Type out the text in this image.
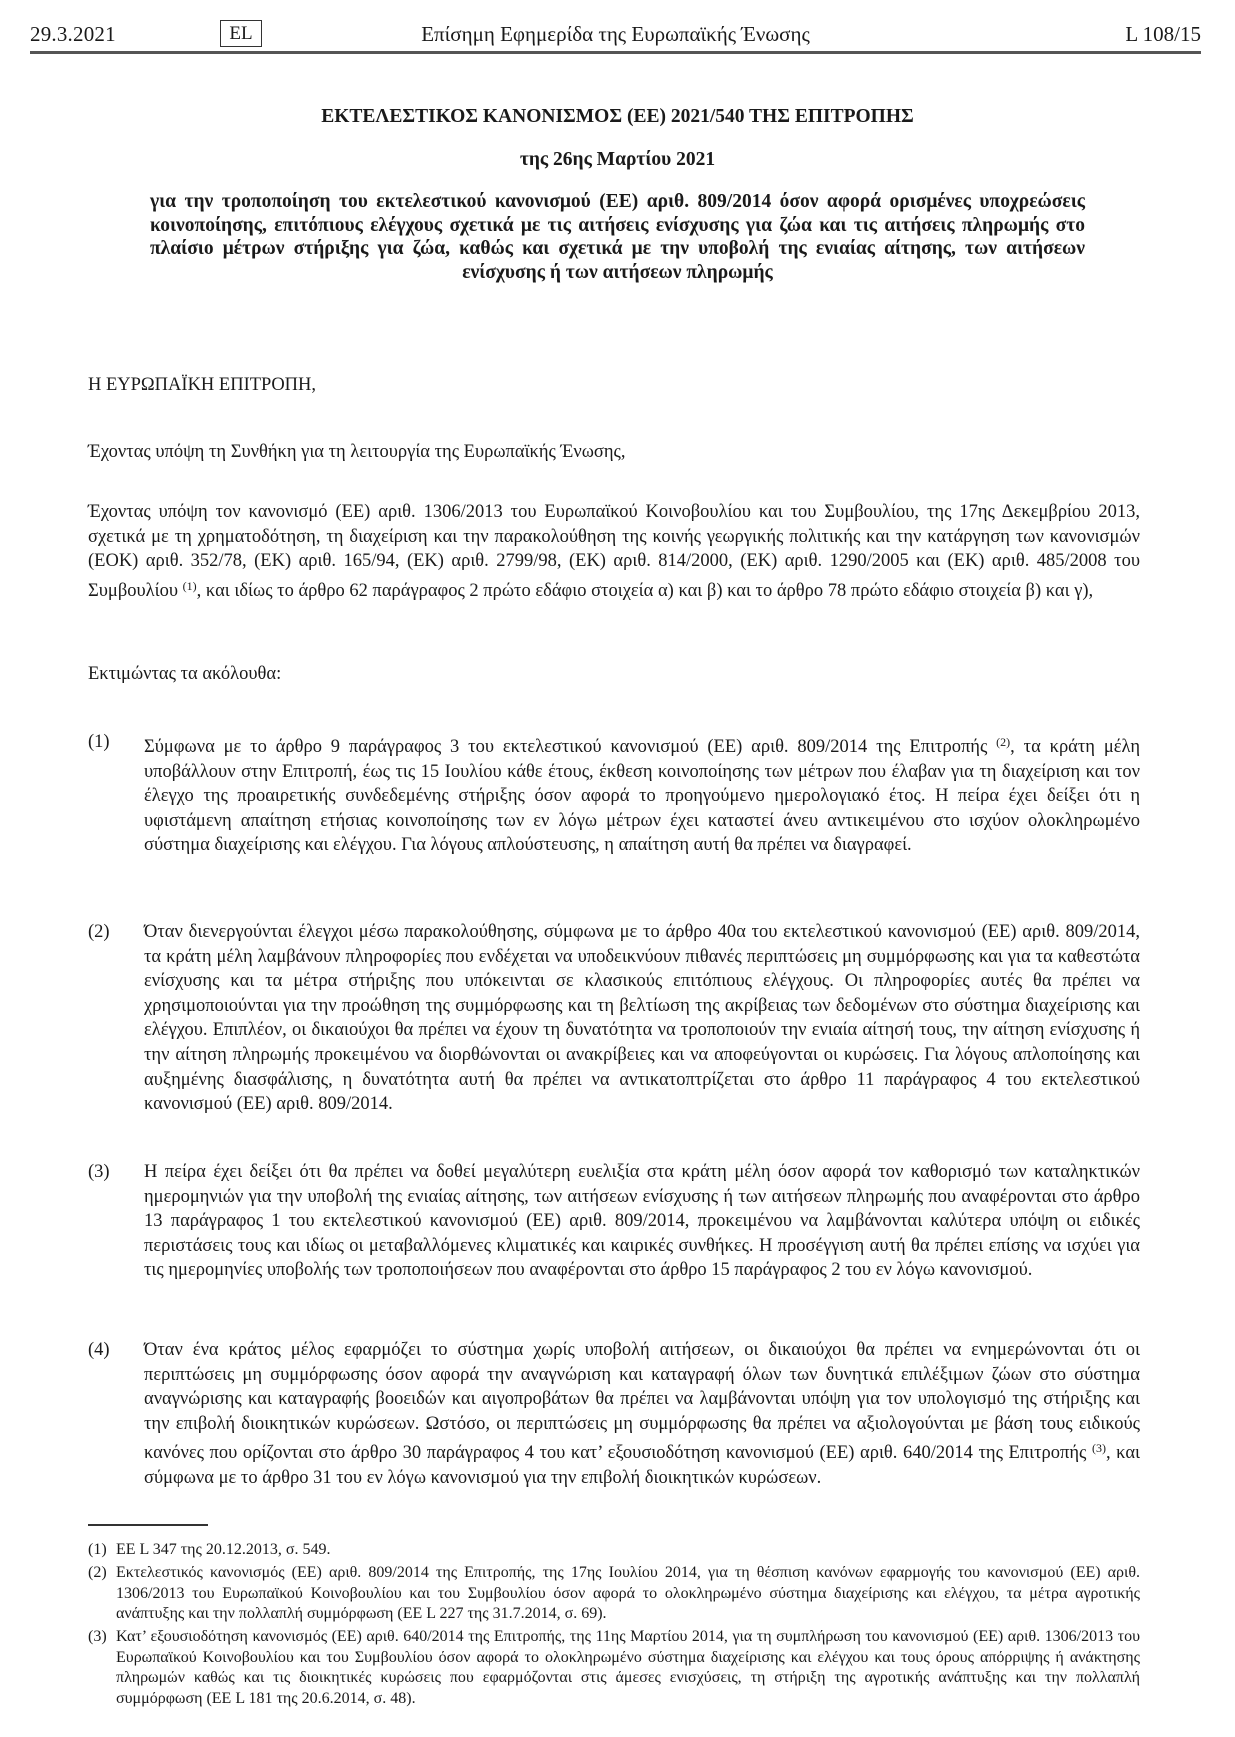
29.3.2021	EL	Επίσημη Εφημερίδα της Ευρωπαϊκής Ένωσης	L 108/15

ΕΚΤΕΛΕΣΤΙΚΟΣ ΚΑΝΟΝΙΣΜΟΣ (ΕΕ) 2021/540 ΤΗΣ ΕΠΙΤΡΟΠΗΣ

της 26ης Μαρτίου 2021

για την τροποποίηση του εκτελεστικού κανονισμού (ΕΕ) αριθ. 809/2014 όσον αφορά ορισμένες υποχρεώσεις κοινοποίησης, επιτόπιους ελέγχους σχετικά με τις αιτήσεις ενίσχυσης για ζώα και τις αιτήσεις πληρωμής στο πλαίσιο μέτρων στήριξης για ζώα, καθώς και σχετικά με την υποβολή της ενιαίας αίτησης, των αιτήσεων ενίσχυσης ή των αιτήσεων πληρωμής

Η ΕΥΡΩΠΑΪΚΗ ΕΠΙΤΡΟΠΗ,

Έχοντας υπόψη τη Συνθήκη για τη λειτουργία της Ευρωπαϊκής Ένωσης,

Έχοντας υπόψη τον κανονισμό (ΕΕ) αριθ. 1306/2013 του Ευρωπαϊκού Κοινοβουλίου και του Συμβουλίου, της 17ης Δεκεμβρίου 2013, σχετικά με τη χρηματοδότηση, τη διαχείριση και την παρακολούθηση της κοινής γεωργικής πολιτικής και την κατάργηση των κανονισμών (ΕΟΚ) αριθ. 352/78, (ΕΚ) αριθ. 165/94, (ΕΚ) αριθ. 2799/98, (ΕΚ) αριθ. 814/2000, (ΕΚ) αριθ. 1290/2005 και (ΕΚ) αριθ. 485/2008 του Συμβουλίου $^{(1)}$, και ιδίως το άρθρο 62 παράγραφος 2 πρώτο εδάφιο στοιχεία α) και β) και το άρθρο 78 πρώτο εδάφιο στοιχεία β) και γ),

Εκτιμώντας τα ακόλουθα:

(1) Σύμφωνα με το άρθρο 9 παράγραφος 3 του εκτελεστικού κανονισμού (ΕΕ) αριθ. 809/2014 της Επιτροπής $^{(2)}$, τα κράτη μέλη υποβάλλουν στην Επιτροπή, έως τις 15 Ιουλίου κάθε έτους, έκθεση κοινοποίησης των μέτρων που έλαβαν για τη διαχείριση και τον έλεγχο της προαιρετικής συνδεδεμένης στήριξης όσον αφορά το προηγούμενο ημερολογιακό έτος. Η πείρα έχει δείξει ότι η υφιστάμενη απαίτηση ετήσιας κοινοποίησης των εν λόγω μέτρων έχει καταστεί άνευ αντικειμένου στο ισχύον ολοκληρωμένο σύστημα διαχείρισης και ελέγχου. Για λόγους απλούστευσης, η απαίτηση αυτή θα πρέπει να διαγραφεί.
(2) Όταν διενεργούνται έλεγχοι μέσω παρακολούθησης, σύμφωνα με το άρθρο 40α του εκτελεστικού κανονισμού (ΕΕ) αριθ. 809/2014, τα κράτη μέλη λαμβάνουν πληροφορίες που ενδέχεται να υποδεικνύουν πιθανές περιπτώσεις μη συμμόρφωσης και για τα καθεστώτα ενίσχυσης και τα μέτρα στήριξης που υπόκεινται σε κλασικούς επιτόπιους ελέγχους. Οι πληροφορίες αυτές θα πρέπει να χρησιμοποιούνται για την προώθηση της συμμόρφωσης και τη βελτίωση της ακρίβειας των δεδομένων στο σύστημα διαχείρισης και ελέγχου. Επιπλέον, οι δικαιούχοι θα πρέπει να έχουν τη δυνατότητα να τροποποιούν την ενιαία αίτησή τους, την αίτηση ενίσχυσης ή την αίτηση πληρωμής προκειμένου να διορθώνονται οι ανακρίβειες και να αποφεύγονται οι κυρώσεις. Για λόγους απλοποίησης και αυξημένης διασφάλισης, η δυνατότητα αυτή θα πρέπει να αντικατοπτρίζεται στο άρθρο 11 παράγραφος 4 του εκτελεστικού κανονισμού (ΕΕ) αριθ. 809/2014.
(3) Η πείρα έχει δείξει ότι θα πρέπει να δοθεί μεγαλύτερη ευελιξία στα κράτη μέλη όσον αφορά τον καθορισμό των καταληκτικών ημερομηνιών για την υποβολή της ενιαίας αίτησης, των αιτήσεων ενίσχυσης ή των αιτήσεων πληρωμής που αναφέρονται στο άρθρο 13 παράγραφος 1 του εκτελεστικού κανονισμού (ΕΕ) αριθ. 809/2014, προκειμένου να λαμβάνονται καλύτερα υπόψη οι ειδικές περιστάσεις τους και ιδίως οι μεταβαλλόμενες κλιματικές και καιρικές συνθήκες. Η προσέγγιση αυτή θα πρέπει επίσης να ισχύει για τις ημερομηνίες υποβολής των τροποποιήσεων που αναφέρονται στο άρθρο 15 παράγραφος 2 του εν λόγω κανονισμού.
(4) Όταν ένα κράτος μέλος εφαρμόζει το σύστημα χωρίς υποβολή αιτήσεων, οι δικαιούχοι θα πρέπει να ενημερώνονται ότι οι περιπτώσεις μη συμμόρφωσης όσον αφορά την αναγνώριση και καταγραφή όλων των δυνητικά επιλέξιμων ζώων στο σύστημα αναγνώρισης και καταγραφής βοοειδών και αιγοπροβάτων θα πρέπει να λαμβάνονται υπόψη για τον υπολογισμό της στήριξης και την επιβολή διοικητικών κυρώσεων. Ωστόσο, οι περιπτώσεις μη συμμόρφωσης θα πρέπει να αξιολογούνται με βάση τους ειδικούς κανόνες που ορίζονται στο άρθρο 30 παράγραφος 4 του κατ’ εξουσιοδότηση κανονισμού (ΕΕ) αριθ. 640/2014 της Επιτροπής $^{(3)}$, και σύμφωνα με το άρθρο 31 του εν λόγω κανονισμού για την επιβολή διοικητικών κυρώσεων.
(1) ΕΕ L 347 της 20.12.2013, σ. 549.
(2) Εκτελεστικός κανονισμός (ΕΕ) αριθ. 809/2014 της Επιτροπής, της 17ης Ιουλίου 2014, για τη θέσπιση κανόνων εφαρμογής του κανονισμού (ΕΕ) αριθ. 1306/2013 του Ευρωπαϊκού Κοινοβουλίου και του Συμβουλίου όσον αφορά το ολοκληρωμένο σύστημα διαχείρισης και ελέγχου, τα μέτρα αγροτικής ανάπτυξης και την πολλαπλή συμμόρφωση (ΕΕ L 227 της 31.7.2014, σ. 69).
(3) Κατ’ εξουσιοδότηση κανονισμός (ΕΕ) αριθ. 640/2014 της Επιτροπής, της 11ης Μαρτίου 2014, για τη συμπλήρωση του κανονισμού (ΕΕ) αριθ. 1306/2013 του Ευρωπαϊκού Κοινοβουλίου και του Συμβουλίου όσον αφορά το ολοκληρωμένο σύστημα διαχείρισης και ελέγχου και τους όρους απόρριψης ή ανάκτησης πληρωμών καθώς και τις διοικητικές κυρώσεις που εφαρμόζονται στις άμεσες ενισχύσεις, τη στήριξη της αγροτικής ανάπτυξης και την πολλαπλή συμμόρφωση (ΕΕ L 181 της 20.6.2014, σ. 48).
